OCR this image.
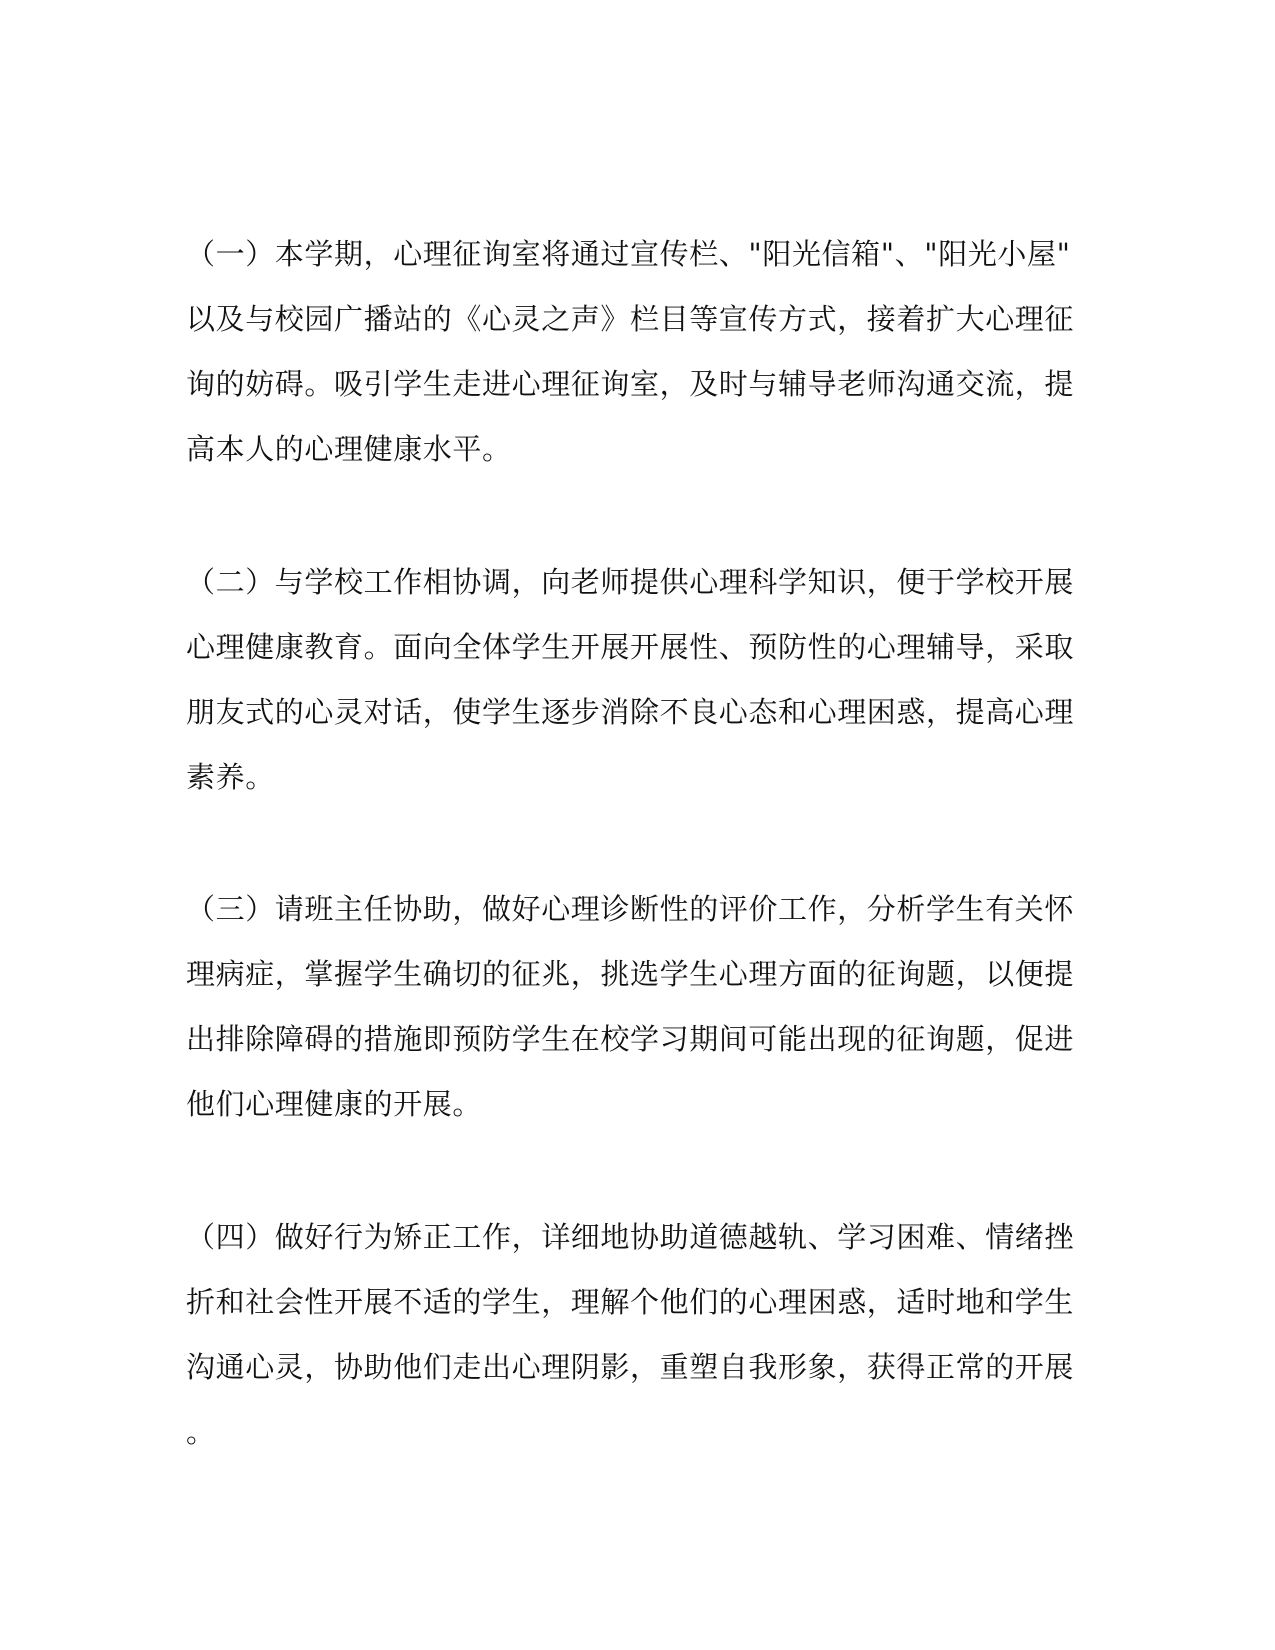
（一）本学期，心理征询室将通过宣传栏、"阳光信箱"、"阳光小屋"
以及与校园广播站的《心灵之声》栏目等宣传方式，接着扩大心理征
询的妨碍。吸引学生走进心理征询室，及时与辅导老师沟通交流，提
高本人的心理健康水平。
（二）与学校工作相协调，向老师提供心理科学知识，便于学校开展
心理健康教育。面向全体学生开展开展性、预防性的心理辅导，采取
朋友式的心灵对话，使学生逐步消除不良心态和心理困惑，提高心理
素养。
（三）请班主任协助，做好心理诊断性的评价工作，分析学生有关怀
理病症，掌握学生确切的征兆，挑选学生心理方面的征询题，以便提
出排除障碍的措施即预防学生在校学习期间可能出现的征询题，促进
他们心理健康的开展。
（四）做好行为矫正工作，详细地协助道德越轨、学习困难、情绪挫
折和社会性开展不适的学生，理解个他们的心理困惑，适时地和学生
沟通心灵，协助他们走出心理阴影，重塑自我形象，获得正常的开展
。
